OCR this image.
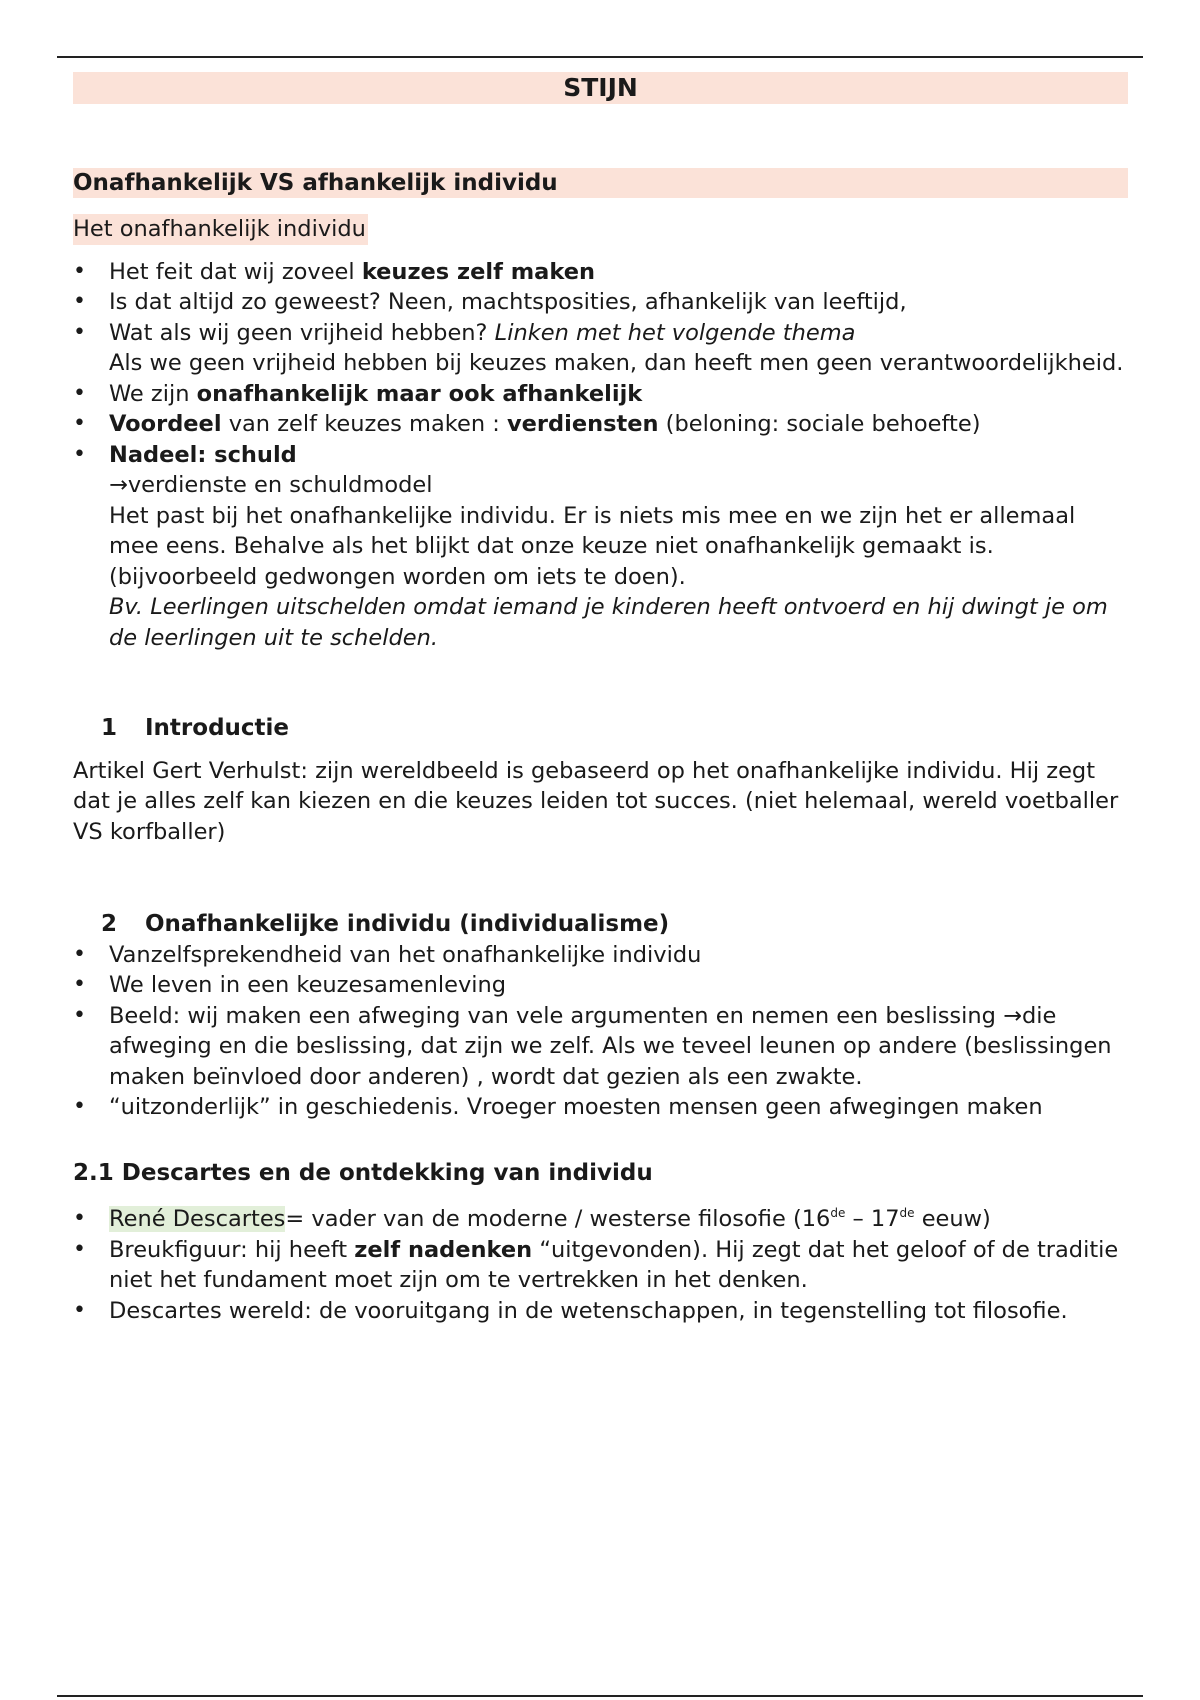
STIJN
Onafhankelijk VS afhankelijk individu
Het onafhankelijk individu
• Het feit dat wij zoveel keuzes zelf maken
• Is dat altijd zo geweest? Neen, machtsposities, afhankelijk van leeftijd,
• Wat als wij geen vrijheid hebben? Linken met het volgende thema
Als we geen vrijheid hebben bij keuzes maken, dan heeft men geen verantwoordelijkheid.
• We zijn onafhankelijk maar ook afhankelijk
• Voordeel van zelf keuzes maken : verdiensten (beloning: sociale behoefte)
• Nadeel: schuld
→verdienste en schuldmodel
Het past bij het onafhankelijke individu. Er is niets mis mee en we zijn het er allemaal mee eens. Behalve als het blijkt dat onze keuze niet onafhankelijk gemaakt is. (bijvoorbeeld gedwongen worden om iets te doen).
Bv. Leerlingen uitschelden omdat iemand je kinderen heeft ontvoerd en hij dwingt je om de leerlingen uit te schelden.
1 Introductie
Artikel Gert Verhulst: zijn wereldbeeld is gebaseerd op het onafhankelijke individu. Hij zegt dat je alles zelf kan kiezen en die keuzes leiden tot succes. (niet helemaal, wereld voetballer VS korfballer)
2 Onafhankelijke individu (individualisme)
• Vanzelfsprekendheid van het onafhankelijke individu
• We leven in een keuzesamenleving
• Beeld: wij maken een afweging van vele argumenten en nemen een beslissing →die afweging en die beslissing, dat zijn we zelf. Als we teveel leunen op andere (beslissingen maken beïnvloed door anderen) , wordt dat gezien als een zwakte.
• “uitzonderlijk” in geschiedenis. Vroeger moesten mensen geen afwegingen maken
2.1 Descartes en de ontdekking van individu
• René Descartes= vader van de moderne / westerse filosofie (16de – 17de eeuw)
• Breukfiguur: hij heeft zelf nadenken “uitgevonden). Hij zegt dat het geloof of de traditie niet het fundament moet zijn om te vertrekken in het denken.
• Descartes wereld: de vooruitgang in de wetenschappen, in tegenstelling tot filosofie.
